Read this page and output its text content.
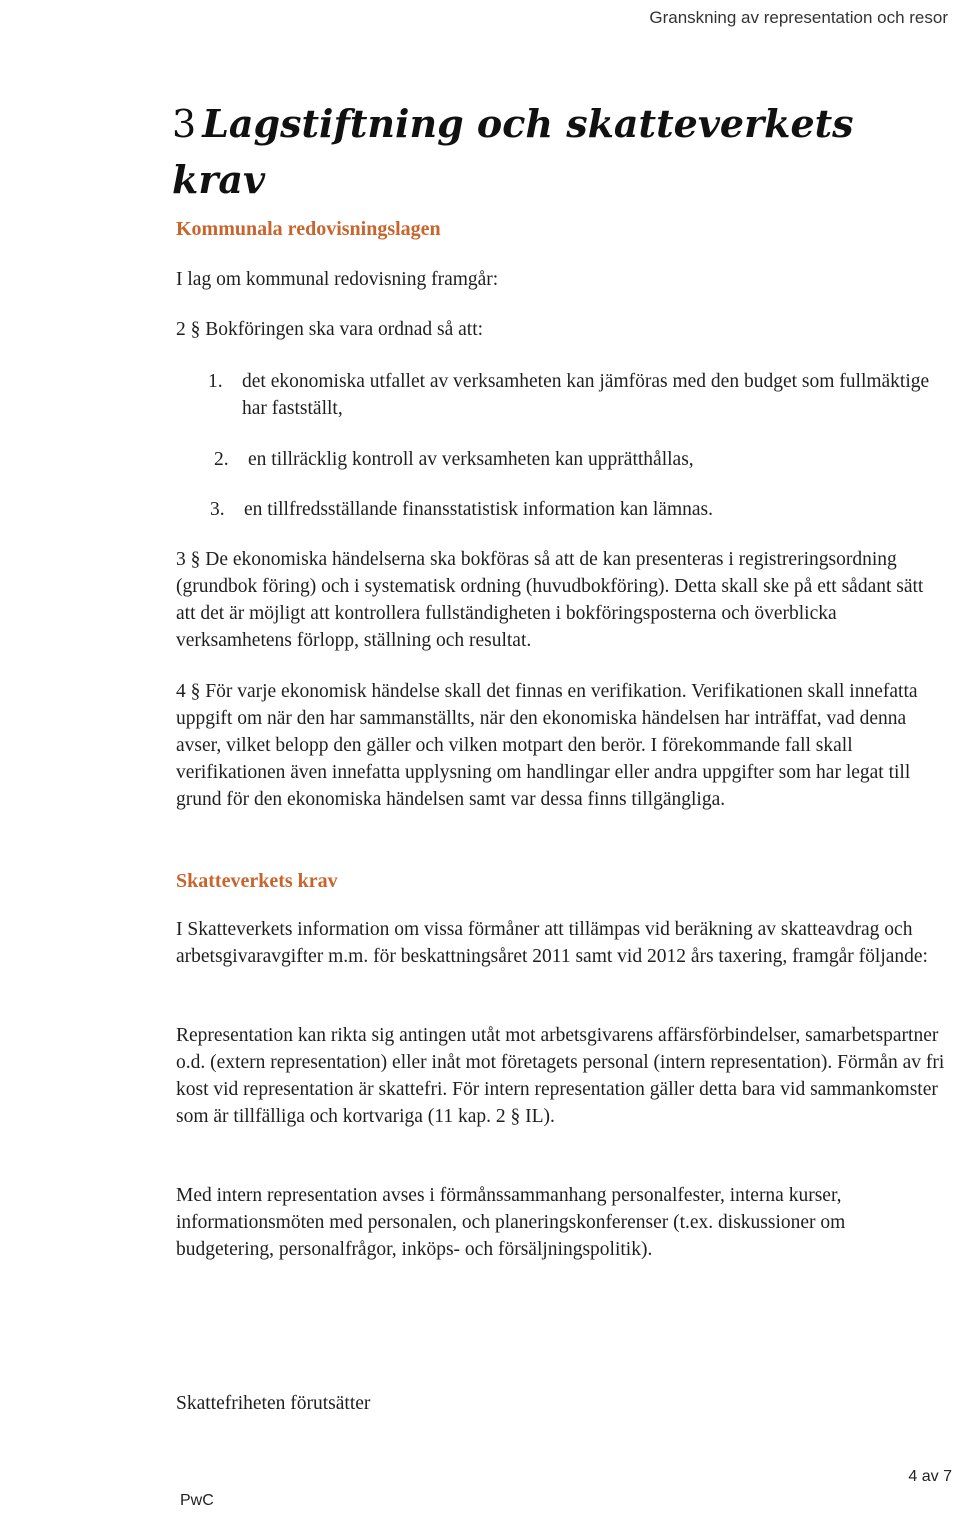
Granskning av representation och resor
3 Lagstiftning och skatteverkets krav
Kommunala redovisningslagen

I lag om kommunal redovisning framgår:

2 § Bokföringen ska vara ordnad så att:

1. det ekonomiska utfallet av verksamheten kan jämföras med den budget som fullmäktige har fastställt,

2. en tillräcklig kontroll av verksamheten kan upprätthållas,

3. en tillfredsställande finansstatistisk information kan lämnas.

3 § De ekonomiska händelserna ska bokföras så att de kan presenteras i registreringsordning (grundbok föring) och i systematisk ordning (huvudbokföring). Detta skall ske på ett sådant sätt att det är möjligt att kontrollera fullständigheten i bokföringsposterna och överblicka verksamhetens förlopp, ställning och resultat.

4 § För varje ekonomisk händelse skall det finnas en verifikation. Verifikationen skall innefatta uppgift om när den har sammanställts, när den ekonomiska händelsen har inträffat, vad denna avser, vilket belopp den gäller och vilken motpart den berör. I förekommande fall skall verifikationen även innefatta upplysning om handlingar eller andra uppgifter som har legat till grund för den ekonomiska händelsen samt var dessa finns tillgängliga.

Skatteverkets krav

I Skatteverkets information om vissa förmåner att tillämpas vid beräkning av skatteavdrag och arbetsgivaravgifter m.m. för beskattningsåret 2011 samt vid 2012 års taxering, framgår följande:

Representation kan rikta sig antingen utåt mot arbetsgivarens affärsförbindelser, samarbetspartner o.d. (extern representation) eller inåt mot företagets personal (intern representation). Förmån av fri kost vid representation är skattefri. För intern representation gäller detta bara vid sammankomster som är tillfälliga och kortvariga (11 kap. 2 § IL).

Med intern representation avses i förmånssammanhang personalfester, interna kurser, informationsmöten med personalen, och planeringskonferenser (t.ex. diskussioner om budgetering, personalfrågor, inköps- och försäljningspolitik).

Skattefriheten förutsätter

PwC
4 av 7
